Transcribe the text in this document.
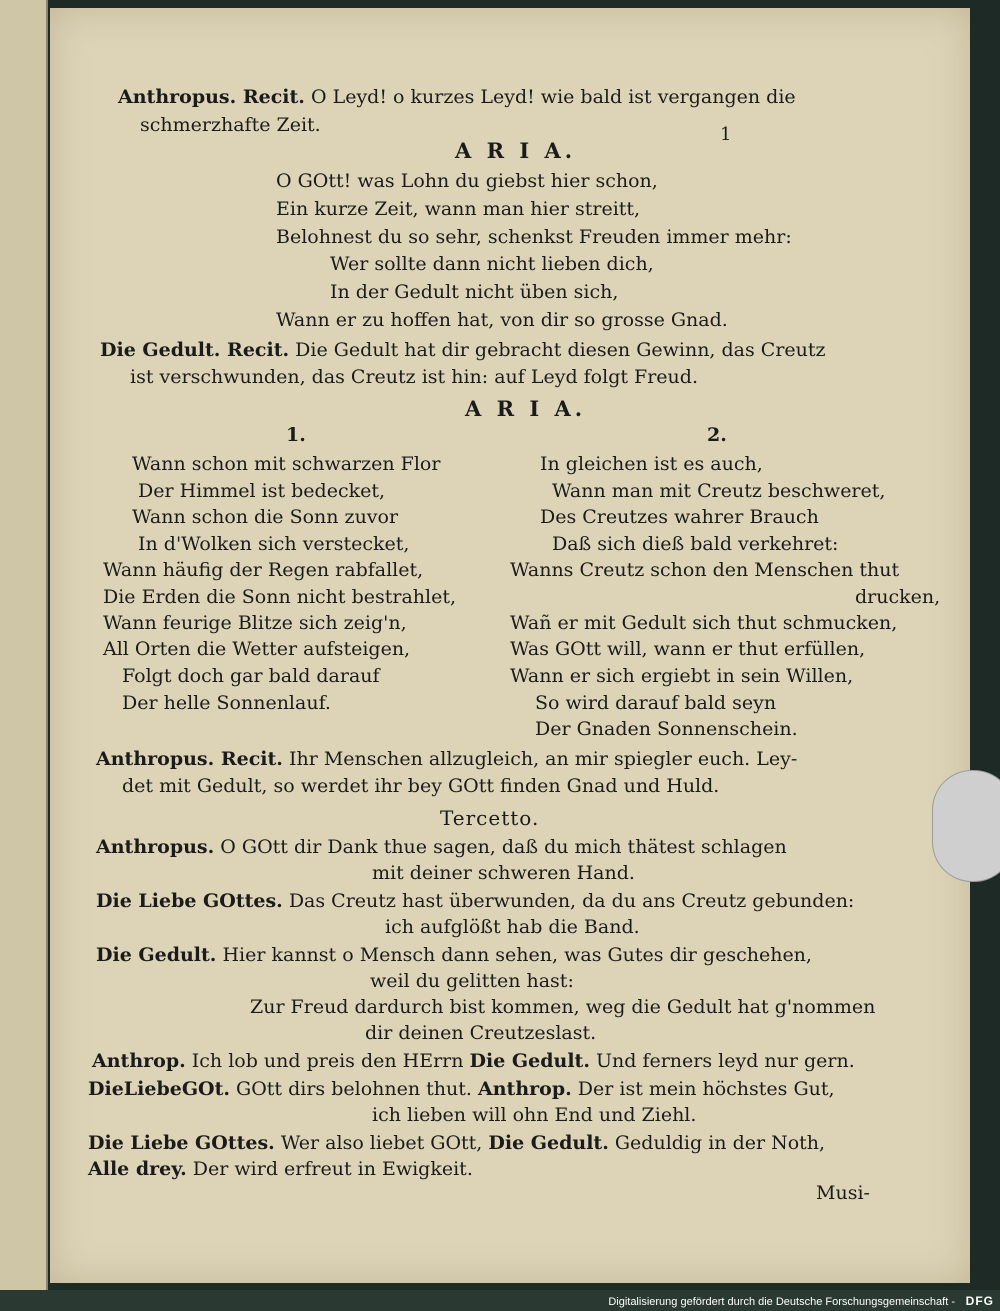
Anthropus. Recit. O Leyd! o kurzes Leyd! wie bald ist vergangen die
schmerzhafte Zeit.	1
A R I A.
O GOtt! was Lohn du giebst hier schon,
Ein kurze Zeit, wann man hier streitt,
Belohnest du so sehr, schenkst Freuden immer mehr:
Wer sollte dann nicht lieben dich,
In der Gedult nicht üben sich,
Wann er zu hoffen hat, von dir so grosse Gnad.
Die Gedult. Recit. Die Gedult hat dir gebracht diesen Gewinn, das Creutz
ist verschwunden, das Creutz ist hin: auf Leyd folgt Freud.
A R I A.
1.	2.
Wann schon mit schwarzen Flor
Der Himmel ist bedecket,
Wann schon die Sonn zuvor
In d'Wolken sich verstecket,
Wann häufig der Regen rabfallet,
Die Erden die Sonn nicht bestrahlet,
Wann feurige Blitze sich zeig'n,
All Orten die Wetter aufsteigen,
Folgt doch gar bald darauf
Der helle Sonnenlauf.
In gleichen ist es auch,
Wann man mit Creutz beschweret,
Des Creutzes wahrer Brauch
Daß sich dieß bald verkehret:
Wanns Creutz schon den Menschen thut
drucken,
Wañ er mit Gedult sich thut schmucken,
Was GOtt will, wann er thut erfüllen,
Wann er sich ergiebt in sein Willen,
So wird darauf bald seyn
Der Gnaden Sonnenschein.
Anthropus. Recit. Ihr Menschen allzugleich, an mir spiegler euch. Ley-
det mit Gedult, so werdet ihr bey GOtt finden Gnad und Huld.
Tercetto.
Anthropus. O GOtt dir Dank thue sagen, daß du mich thätest schlagen
mit deiner schweren Hand.
Die Liebe GOttes. Das Creutz hast überwunden, da du ans Creutz gebunden:
ich aufglößt hab die Band.
Die Gedult. Hier kannst o Mensch dann sehen, was Gutes dir geschehen,
weil du gelitten hast:
Zur Freud dardurch bist kommen, weg die Gedult hat g'nommen
dir deinen Creutzeslast.
Anthrop. Ich lob und preis den HErrn Die Gedult. Und ferners leyd nur gern.
DieLiebeGOt. GOtt dirs belohnen thut. Anthrop. Der ist mein höchstes Gut,
ich lieben will ohn End und Ziehl.
Die Liebe GOttes. Wer also liebet GOtt, Die Gedult. Geduldig in der Noth,
Alle drey. Der wird erfreut in Ewigkeit.
Musi-
Digitalisierung gefördert durch die Deutsche Forschungsgemeinschaft - DFG
